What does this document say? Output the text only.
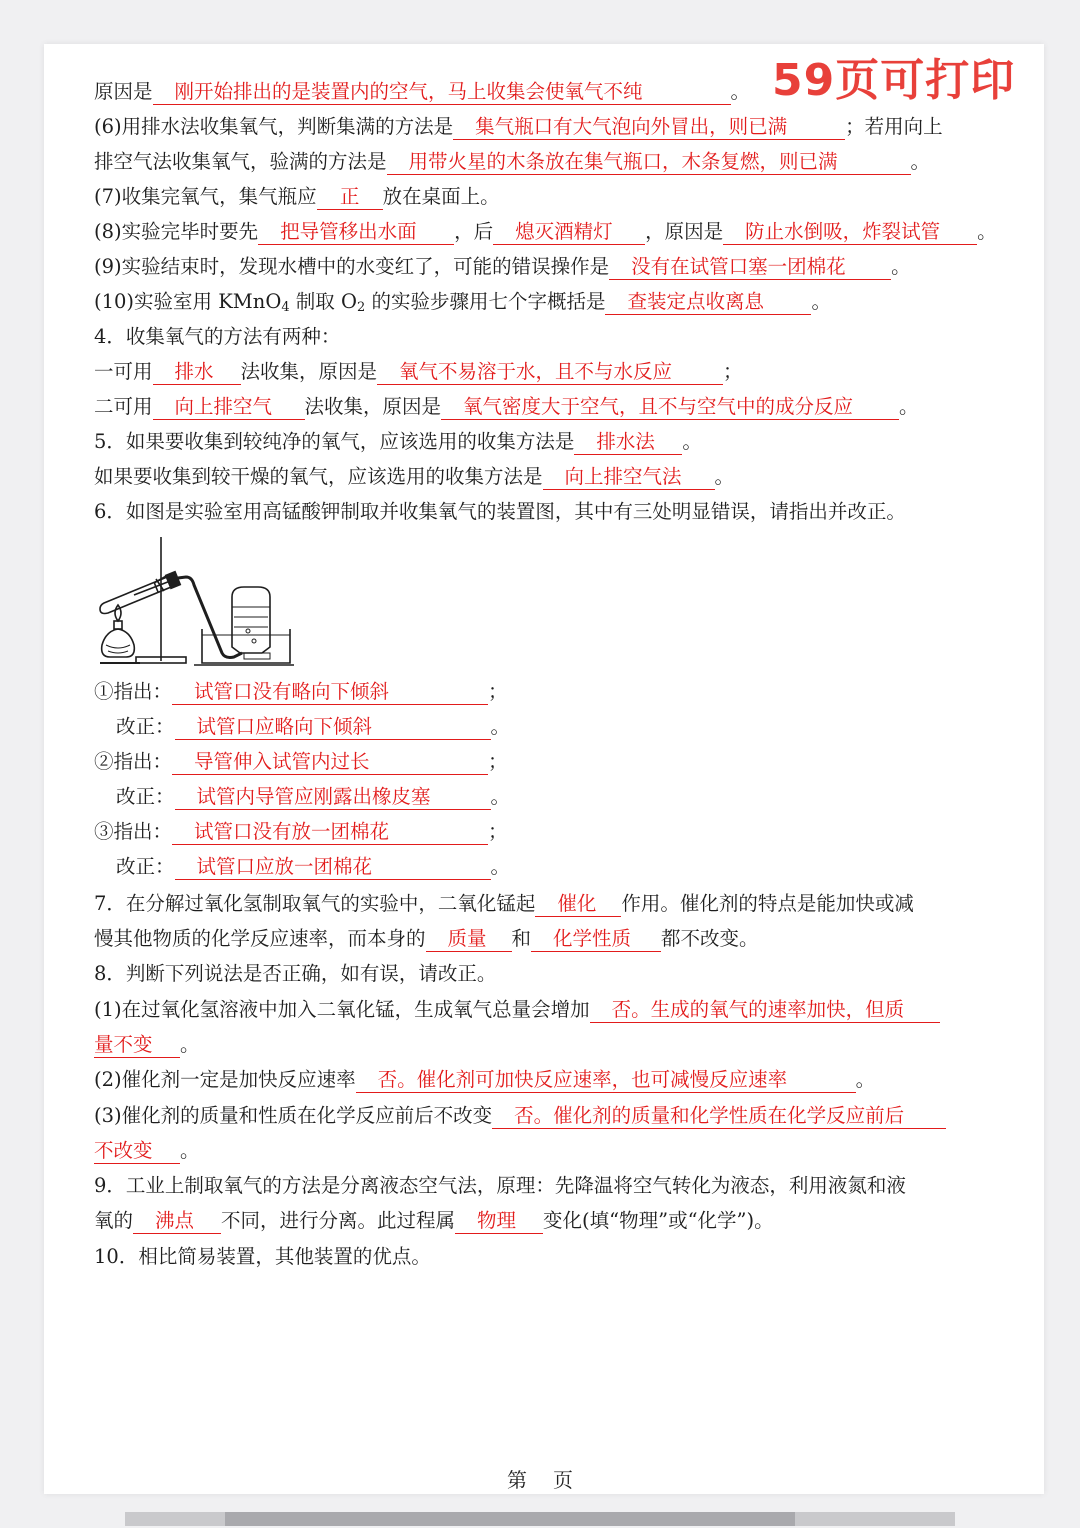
59页可打印
原因是 刚开始排出的是装置内的空气，马上收集会使氧气不纯	。
(6)用排水法收集氧气，判断集满的方法是 集气瓶口有大气泡向外冒出，则已满	；若用向上
排空气法收集氧气，验满的方法是 用带火星的木条放在集气瓶口，木条复燃，则已满	。
(7)收集完氧气，集气瓶应 正 放在桌面上。
(8)实验完毕时要先 把导管移出水面 ，后 熄灭酒精灯 ，原因是 防止水倒吸，炸裂试管 。
(9)实验结束时，发现水槽中的水变红了，可能的错误操作是 没有在试管口塞一团棉花 。
(10)实验室用 KMnO$_4$ 制取 $O_2$ 的实验步骤用七个字概括是 查装定点收离息 。
4．收集氧气的方法有两种：
一可用 排水 法收集，原因是 氧气不易溶于水，且不与水反应	；
二可用 向上排空气 法收集，原因是 氧气密度大于空气，且不与空气中的成分反应 。
5．如果要收集到较纯净的氧气，应该选用的收集方法是 排水法 。
如果要收集到较干燥的氧气，应该选用的收集方法是 向上排空气法 。
6．如图是实验室用高锰酸钾制取并收集氧气的装置图，其中有三处明显错误，请指出并改正。
①指出： 试管口没有略向下倾斜	；
改正： 试管口应略向下倾斜	。
②指出： 导管伸入试管内过长	；
改正： 试管内导管应刚露出橡皮塞	。
③指出： 试管口没有放一团棉花	；
改正： 试管口应放一团棉花	。
7．在分解过氧化氢制取氧气的实验中，二氧化锰起 催化 作用。催化剂的特点是能加快或减
慢其他物质的化学反应速率，而本身的 质量 和 化学性质 都不改变。
8．判断下列说法是否正确，如有误，请改正。
(1)在过氧化氢溶液中加入二氧化锰，生成氧气总量会增加 否。生成的氧气的速率加快，但质
量不变 。
(2)催化剂一定是加快反应速率 否。催化剂可加快反应速率，也可减慢反应速率	。
(3)催化剂的质量和性质在化学反应前后不改变 否。催化剂的质量和化学性质在化学反应前后
不改变 。
9．工业上制取氧气的方法是分离液态空气法，原理：先降温将空气转化为液态，利用液氮和液
氧的 沸点 不同，进行分离。此过程属 物理 变化(填“物理”或“化学”)。
10．相比简易装置，其他装置的优点。
第页
